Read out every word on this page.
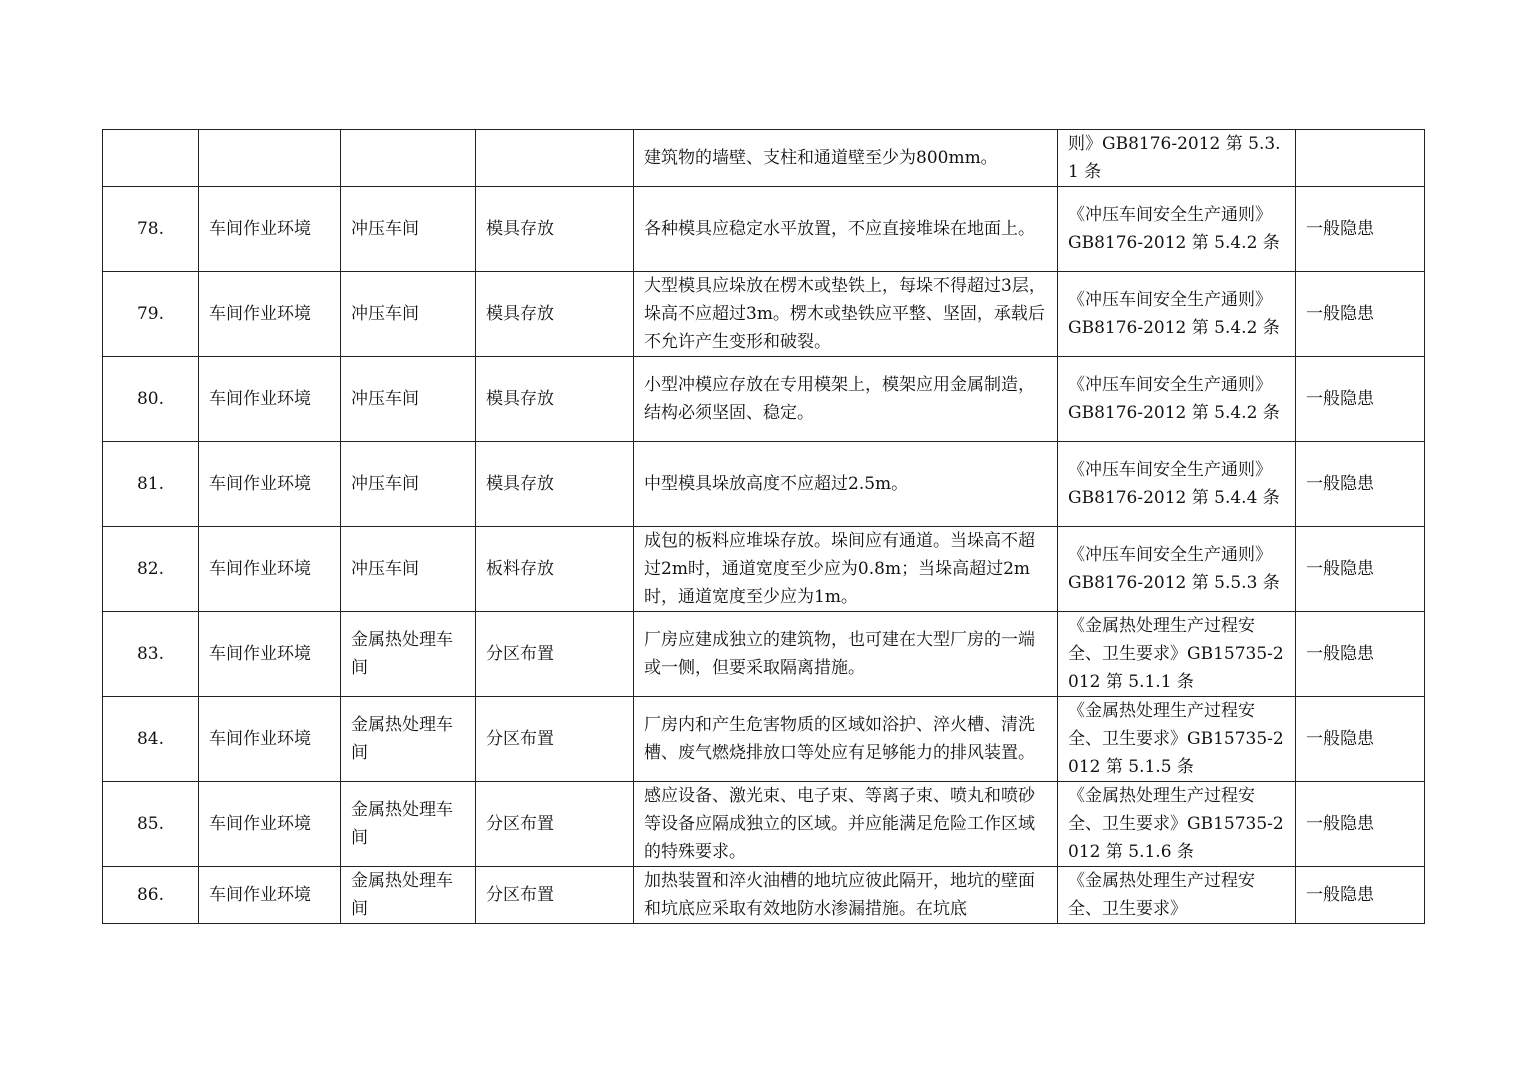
				建筑物的墙壁、支柱和通道壁至少为800mm。	则》GB8176-2012 第 5.3.1 条	
78.	车间作业环境	冲压车间	模具存放	各种模具应稳定水平放置，不应直接堆垛在地面上。	《冲压车间安全生产通则》GB8176-2012 第 5.4.2 条	一般隐患
79.	车间作业环境	冲压车间	模具存放	大型模具应垛放在楞木或垫铁上，每垛不得超过3层，垛高不应超过3m。楞木或垫铁应平整、坚固，承载后不允许产生变形和破裂。	《冲压车间安全生产通则》GB8176-2012 第 5.4.2 条	一般隐患
80.	车间作业环境	冲压车间	模具存放	小型冲模应存放在专用模架上，模架应用金属制造，结构必须坚固、稳定。	《冲压车间安全生产通则》GB8176-2012 第 5.4.2 条	一般隐患
81.	车间作业环境	冲压车间	模具存放	中型模具垛放高度不应超过2.5m。	《冲压车间安全生产通则》GB8176-2012 第 5.4.4 条	一般隐患
82.	车间作业环境	冲压车间	板料存放	成包的板料应堆垛存放。垛间应有通道。当垛高不超过2m时，通道宽度至少应为0.8m；当垛高超过2m时，通道宽度至少应为1m。	《冲压车间安全生产通则》GB8176-2012 第 5.5.3 条	一般隐患
83.	车间作业环境	金属热处理车间	分区布置	厂房应建成独立的建筑物，也可建在大型厂房的一端或一侧，但要采取隔离措施。	《金属热处理生产过程安全、卫生要求》GB15735-2012 第 5.1.1 条	一般隐患
84.	车间作业环境	金属热处理车间	分区布置	厂房内和产生危害物质的区域如浴护、淬火槽、清洗槽、废气燃烧排放口等处应有足够能力的排风装置。	《金属热处理生产过程安全、卫生要求》GB15735-2012 第 5.1.5 条	一般隐患
85.	车间作业环境	金属热处理车间	分区布置	感应设备、激光束、电子束、等离子束、喷丸和喷砂等设备应隔成独立的区域。并应能满足危险工作区域的特殊要求。	《金属热处理生产过程安全、卫生要求》GB15735-2012 第 5.1.6 条	一般隐患
86.	车间作业环境	金属热处理车间	分区布置	加热装置和淬火油槽的地坑应彼此隔开，地坑的壁面和坑底应采取有效地防水渗漏措施。在坑底	《金属热处理生产过程安全、卫生要求》	一般隐患
